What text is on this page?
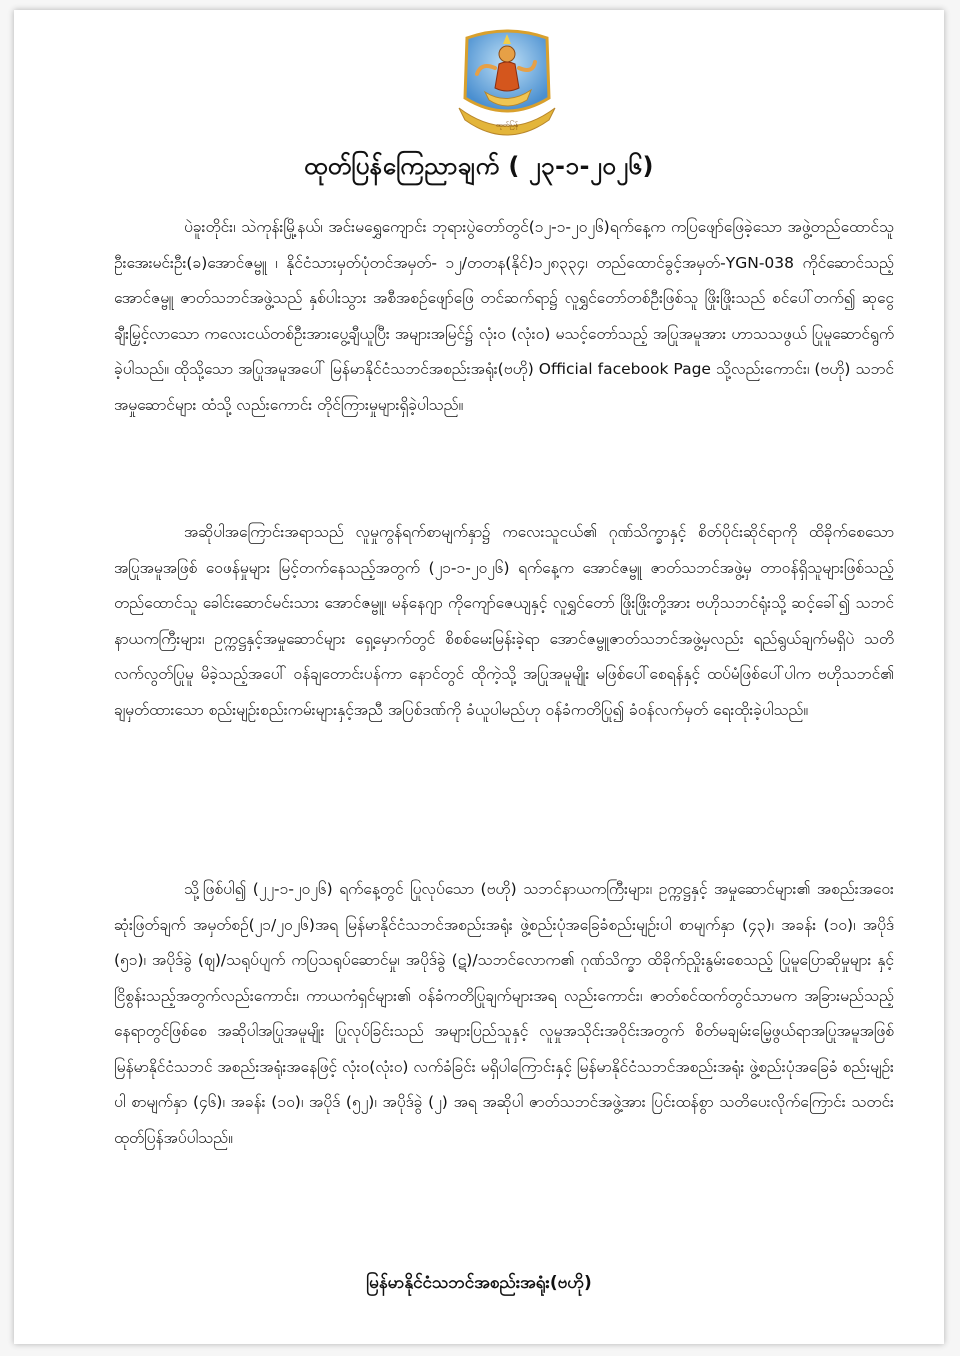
ထုတ်ပြန်
ထုတ်ပြန်ကြေညာချက် ( ၂၃-၁-၂၀၂၆)

ပဲခူးတိုင်း၊ သဲကုန်းမြို့နယ်၊ အင်းမရွှေကျောင်း ဘုရားပွဲတော်တွင်(၁၂-၁-၂၀၂၆)ရက်နေ့က ကပြဖျော်ဖြေခဲ့သော အဖွဲ့တည်ထောင်သူ ဦးအေးမင်းဦး(ခ)အောင်ဇမ္ဗူ ၊ နိုင်ငံသားမှတ်ပုံတင်အမှတ်- ၁၂/တတန(နိုင်)၁၂၈၃၃၄၊ တည်ထောင်ခွင့်အမှတ်-YGN-038 ကိုင်ဆောင်သည့် အောင်ဇမ္ဗူ ဇာတ်သဘင်အဖွဲ့သည် နှစ်ပါးသွား အစီအစဉ်ဖျော်ဖြေ တင်ဆက်ရာ၌ လူရွှင်တော်တစ်ဦးဖြစ်သူ ဖြိုးဖြိုးသည် စင်ပေါ်တက်၍ ဆုငွေချီးမြှင့်လာသော ကလေးငယ်တစ်ဦးအားပွေ့ချီယူပြီး အများအမြင်၌ လုံး၀ (လုံး၀) မသင့်တော်သည့် အပြုအမူအား ဟာသသဖွယ် ပြုမူဆောင်ရွက်ခဲ့ပါသည်။ ထိုသို့သော အပြုအမူအပေါ် မြန်မာနိုင်ငံသဘင်အစည်းအရုံး(ဗဟို) Official facebook Page သို့လည်းကောင်း၊ (ဗဟို) သဘင် အမှုဆောင်များ ထံသို့ လည်းကောင်း တိုင်ကြားမှုများရှိခဲ့ပါသည်။

အဆိုပါအကြောင်းအရာသည် လူမှုကွန်ရက်စာမျက်နှာ၌ ကလေးသူငယ်၏ ဂုဏ်သိက္ခာနှင့် စိတ်ပိုင်းဆိုင်ရာကို ထိခိုက်စေသော အပြုအမူအဖြစ် ဝေဖန်မှုများ မြင့်တက်နေသည့်အတွက် (၂၁-၁-၂၀၂၆) ရက်နေ့က အောင်ဇမ္ဗူ ဇာတ်သဘင်အဖွဲ့မှ တာဝန်ရှိသူများဖြစ်သည့် တည်ထောင်သူ ခေါင်းဆောင်မင်းသား အောင်ဇမ္ဗူ၊ မန်နေဂျာ ကိုကျော်ဇေယျနှင့် လူရွှင်တော် ဖြိုးဖြိုးတို့အား ဗဟိုသဘင်ရုံးသို့ ဆင့်ခေါ်၍ သဘင်နာယကကြီးများ၊ ဥက္ကဋ္ဌနှင့်အမှုဆောင်များ ရှေ့မှောက်တွင် စိစစ်မေးမြန်းခဲ့ရာ အောင်ဇမ္ဗူဇာတ်သဘင်အဖွဲ့မှလည်း ရည်ရွယ်ချက်မရှိပဲ သတိလက်လွတ်ပြုမူ မိခဲ့သည့်အပေါ် ဝန်ချတောင်းပန်ကာ နောင်တွင် ထိုကဲ့သို့ အပြုအမူမျိုး မဖြစ်ပေါ်စေရန်နှင့် ထပ်မံဖြစ်ပေါ်ပါက ဗဟိုသဘင်၏ ချမှတ်ထားသော စည်းမျဉ်းစည်းကမ်းများနှင့်အညီ အပြစ်ဒဏ်ကို ခံယူပါမည်ဟု ဝန်ခံကတိပြု၍ ခံဝန်လက်မှတ် ရေးထိုးခဲ့ပါသည်။

သို့ဖြစ်ပါ၍ (၂၂-၁-၂၀၂၆) ရက်နေ့တွင် ပြုလုပ်သော (ဗဟို) သဘင်နာယကကြီးများ၊ ဥက္ကဋ္ဌနှင့် အမှုဆောင်များ၏ အစည်းအဝေးဆုံးဖြတ်ချက် အမှတ်စဉ်(၂၁/၂၀၂၆)အရ မြန်မာနိုင်ငံသဘင်အစည်းအရုံး ဖွဲ့စည်းပုံအခြေခံစည်းမျဉ်းပါ စာမျက်နှာ (၄၃)၊ အခန်း (၁၀)၊ အပိုဒ် (၅၁)၊ အပိုဒ်ခွဲ (ဈ)/သရုပ်ပျက် ကပြသရုပ်ဆောင်မှု၊ အပိုဒ်ခွဲ (ဋ)/သဘင်လောက၏ ဂုဏ်သိက္ခာ ထိခိုက်ညှိုးနွမ်းစေသည့် ပြုမူပြောဆိုမှုများ နှင့်ငြိစွန်းသည့်အတွက်လည်းကောင်း၊ ကာယကံရှင်များ၏ ဝန်ခံကတိပြုချက်များအရ လည်းကောင်း၊ ဇာတ်စင်ထက်တွင်သာမက အခြားမည်သည့်နေရာတွင်ဖြစ်စေ အဆိုပါအပြုအမူမျိုး ပြုလုပ်ခြင်းသည် အများပြည်သူနှင့် လူမှုအသိုင်းအဝိုင်းအတွက် စိတ်မချမ်းမြေ့ဖွယ်ရာအပြုအမူအဖြစ် မြန်မာနိုင်ငံသဘင် အစည်းအရုံးအနေဖြင့် လုံး၀(လုံး၀) လက်ခံခြင်း မရှိပါကြောင်းနှင့် မြန်မာနိုင်ငံသဘင်အစည်းအရုံး ဖွဲ့စည်းပုံအခြေခံ စည်းမျဉ်းပါ စာမျက်နှာ (၄၆)၊ အခန်း (၁၀)၊ အပိုဒ် (၅၂)၊ အပိုဒ်ခွဲ (၂) အရ အဆိုပါ ဇာတ်သဘင်အဖွဲ့အား ပြင်းထန်စွာ သတိပေးလိုက်ကြောင်း သတင်းထုတ်ပြန်အပ်ပါသည်။

မြန်မာနိုင်ငံသဘင်အစည်းအရုံး(ဗဟို)
